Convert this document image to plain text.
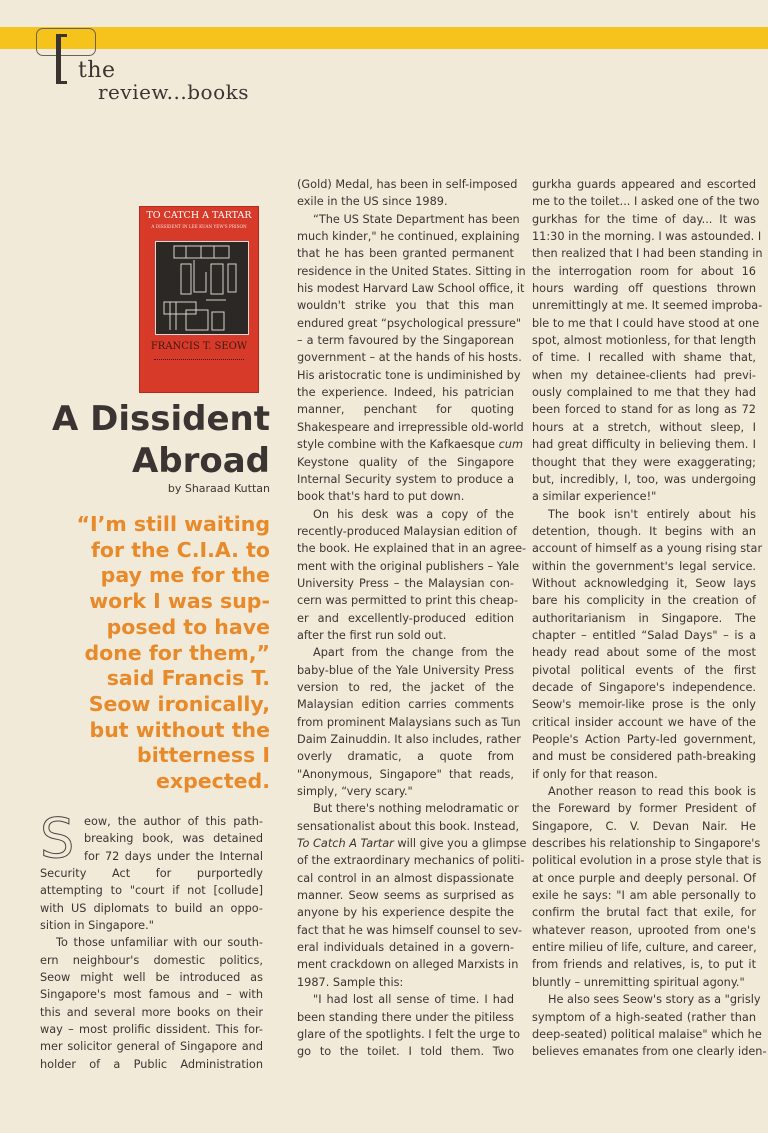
the
review...books
TO CATCH A TARTAR
A DISSIDENT IN LEE KUAN YEW'S PRISON
FRANCIS T. SEOW
A Dissident
Abroad
by Sharaad Kuttan
“I’m still waiting
for the C.I.A. to
pay me for the
work I was sup-
posed to have
done for them,”
said Francis T.
Seow ironically,
but without the
bitterness I
expected.
S eow, the author of this path-
breaking book, was detained
for 72 days under the Internal
Security Act for purportedly
attempting to "court if not [collude]
with US diplomats to build an oppo-
sition in Singapore."
To those unfamiliar with our south-
ern neighbour's domestic politics,
Seow might well be introduced as
Singapore's most famous and – with
this and several more books on their
way – most prolific dissident. This for-
mer solicitor general of Singapore and
holder of a Public Administration
(Gold) Medal, has been in self-imposed
exile in the US since 1989.
“The US State Department has been
much kinder," he continued, explaining
that he has been granted permanent
residence in the United States. Sitting in
his modest Harvard Law School office, it
wouldn't strike you that this man
endured great “psychological pressure"
– a term favoured by the Singaporean
government – at the hands of his hosts.
His aristocratic tone is undiminished by
the experience. Indeed, his patrician
manner, penchant for quoting
Shakespeare and irrepressible old-world
style combine with the Kafkaesque cum
Keystone quality of the Singapore
Internal Security system to produce a
book that's hard to put down.
On his desk was a copy of the
recently-produced Malaysian edition of
the book. He explained that in an agree-
ment with the original publishers – Yale
University Press – the Malaysian con-
cern was permitted to print this cheap-
er and excellently-produced edition
after the first run sold out.
Apart from the change from the
baby-blue of the Yale University Press
version to red, the jacket of the
Malaysian edition carries comments
from prominent Malaysians such as Tun
Daim Zainuddin. It also includes, rather
overly dramatic, a quote from
"Anonymous, Singapore" that reads,
simply, “very scary."
But there's nothing melodramatic or
sensationalist about this book. Instead,
To Catch A Tartar will give you a glimpse
of the extraordinary mechanics of politi-
cal control in an almost dispassionate
manner. Seow seems as surprised as
anyone by his experience despite the
fact that he was himself counsel to sev-
eral individuals detained in a govern-
ment crackdown on alleged Marxists in
1987. Sample this:
"I had lost all sense of time. I had
been standing there under the pitiless
glare of the spotlights. I felt the urge to
go to the toilet. I told them. Two
gurkha guards appeared and escorted
me to the toilet... I asked one of the two
gurkhas for the time of day... It was
11:30 in the morning. I was astounded. I
then realized that I had been standing in
the interrogation room for about 16
hours warding off questions thrown
unremittingly at me. It seemed improba-
ble to me that I could have stood at one
spot, almost motionless, for that length
of time. I recalled with shame that,
when my detainee-clients had previ-
ously complained to me that they had
been forced to stand for as long as 72
hours at a stretch, without sleep, I
had great difficulty in believing them. I
thought that they were exaggerating;
but, incredibly, I, too, was undergoing
a similar experience!"
The book isn't entirely about his
detention, though. It begins with an
account of himself as a young rising star
within the government's legal service.
Without acknowledging it, Seow lays
bare his complicity in the creation of
authoritarianism in Singapore. The
chapter – entitled “Salad Days" – is a
heady read about some of the most
pivotal political events of the first
decade of Singapore's independence.
Seow's memoir-like prose is the only
critical insider account we have of the
People's Action Party-led government,
and must be considered path-breaking
if only for that reason.
Another reason to read this book is
the Foreward by former President of
Singapore, C. V. Devan Nair. He
describes his relationship to Singapore's
political evolution in a prose style that is
at once purple and deeply personal. Of
exile he says: "I am able personally to
confirm the brutal fact that exile, for
whatever reason, uprooted from one's
entire milieu of life, culture, and career,
from friends and relatives, is, to put it
bluntly – unremitting spiritual agony."
He also sees Seow's story as a "grisly
symptom of a high-seated (rather than
deep-seated) political malaise" which he
believes emanates from one clearly iden-
